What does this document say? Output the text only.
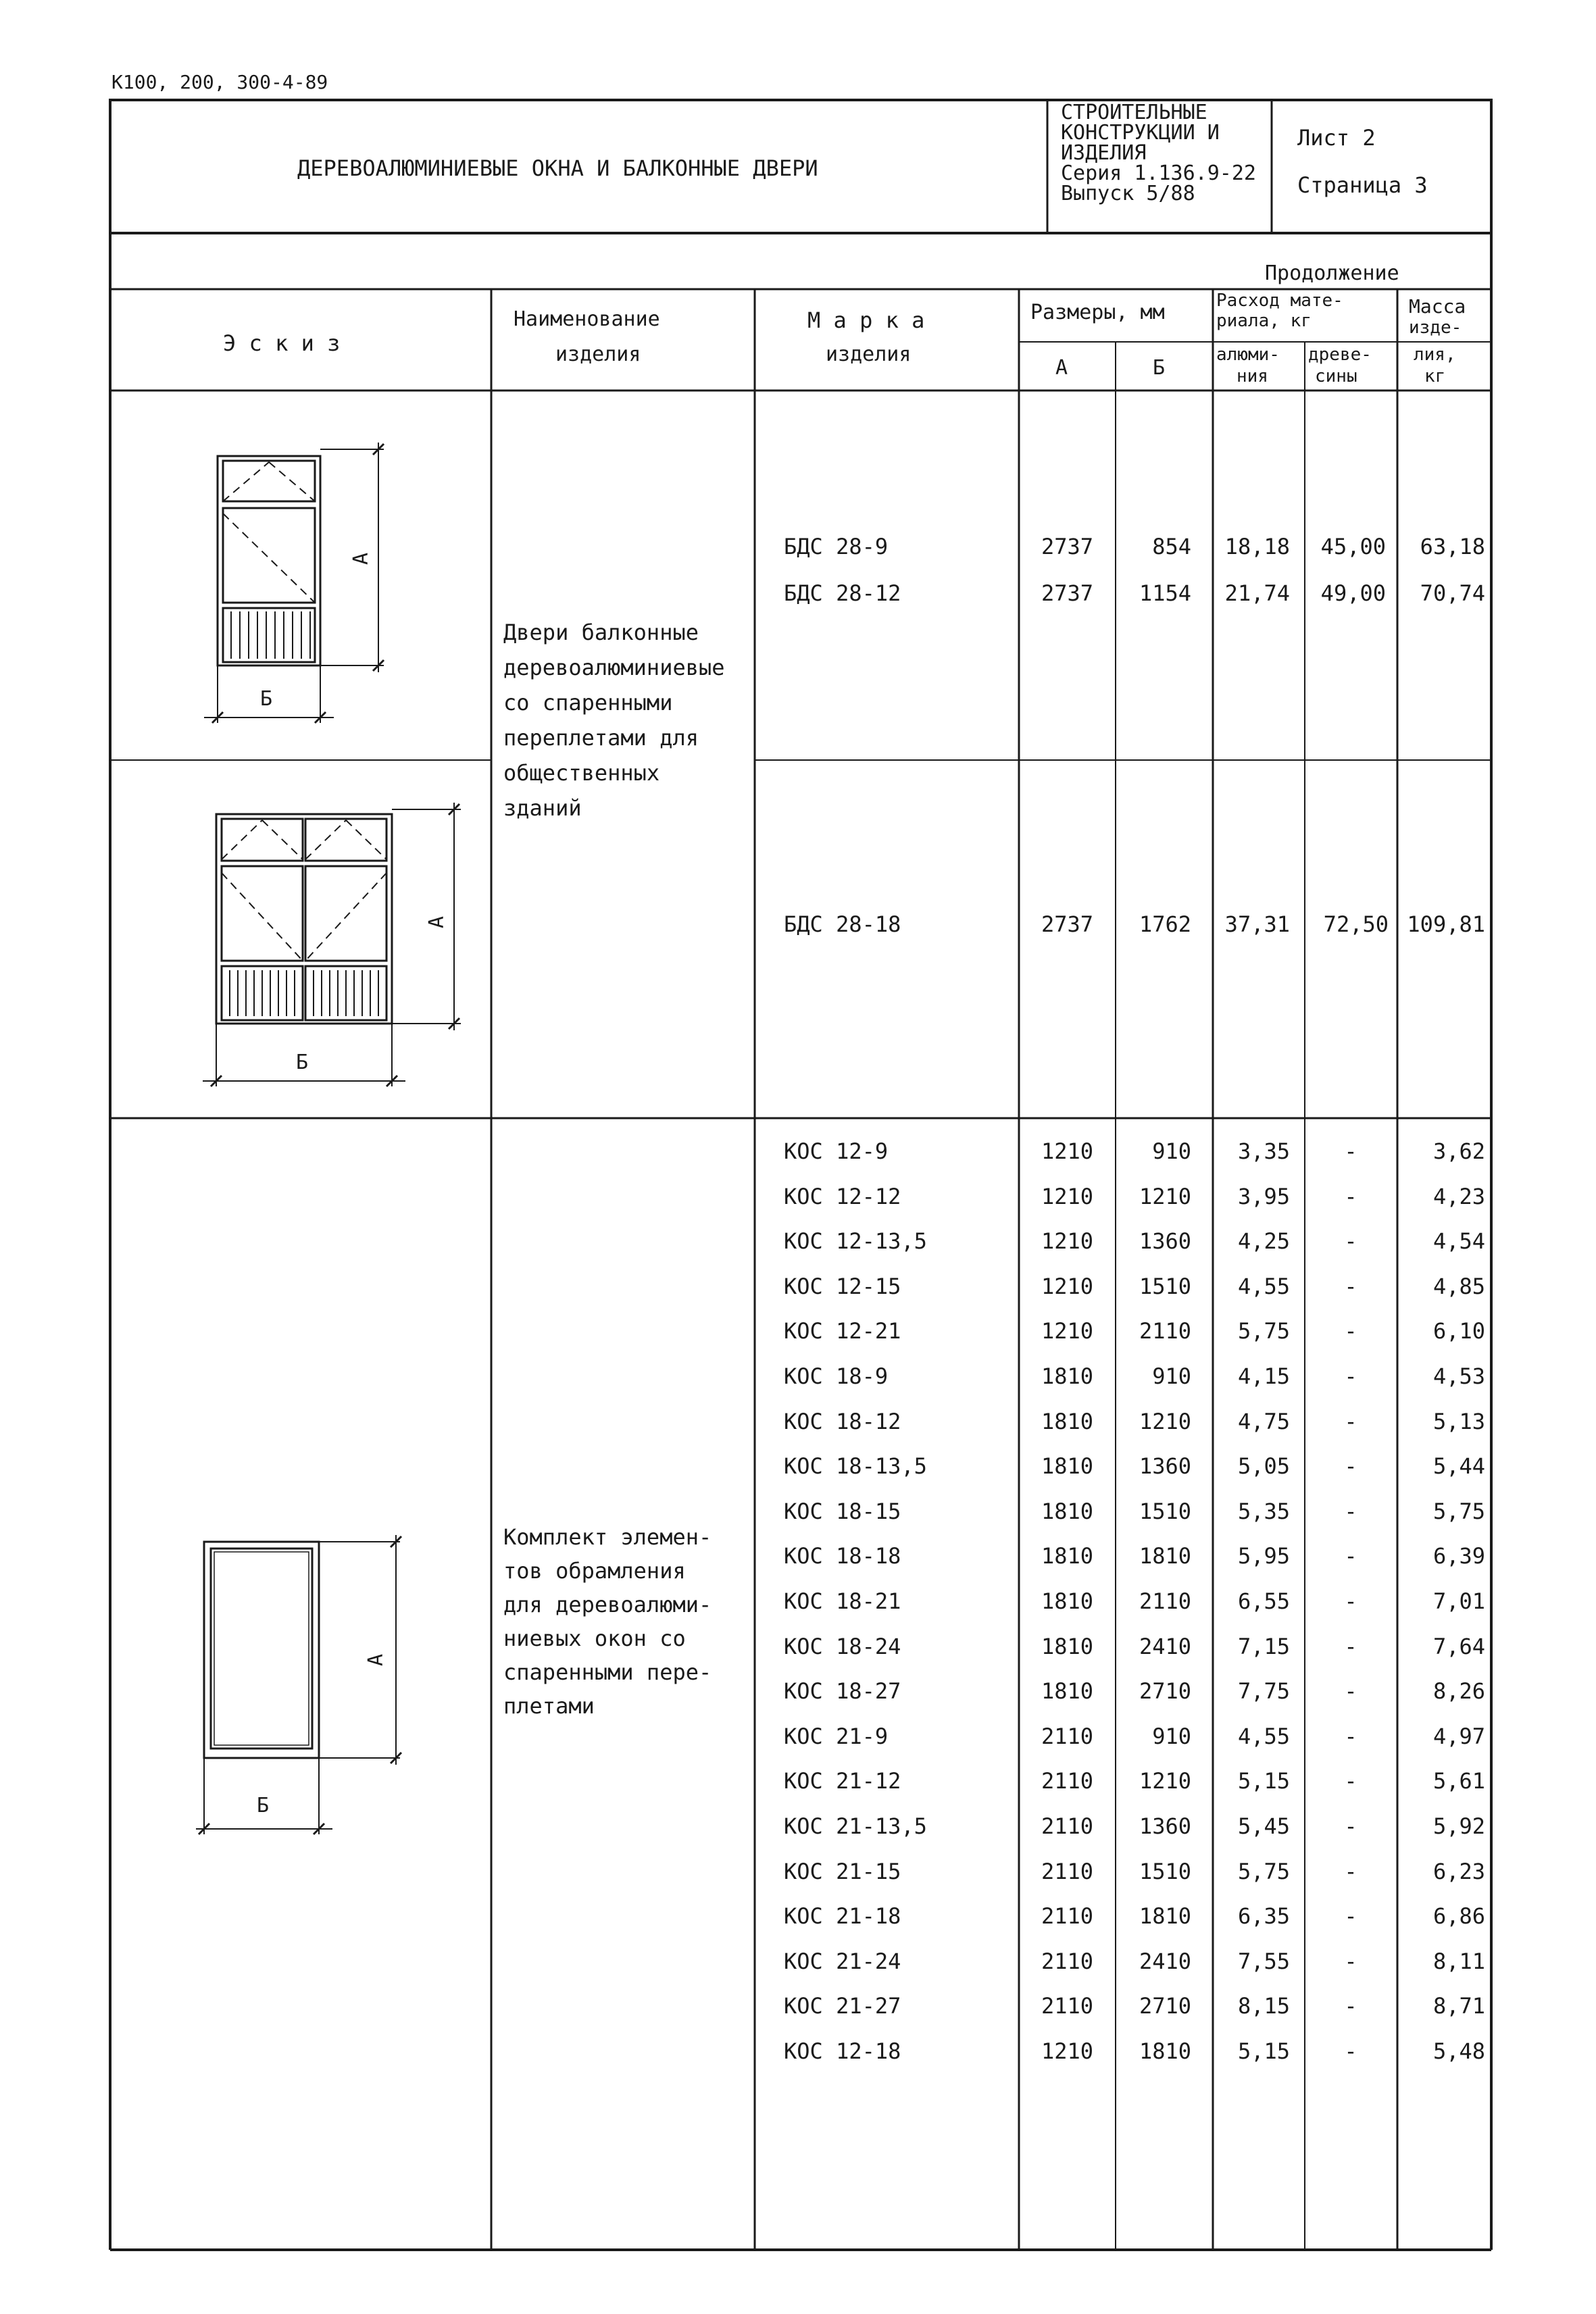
А
Б
А
Б
А
Б
К100, 200, 300-4-89
ДЕРЕВОАЛЮМИНИЕВЫЕ ОКНА И БАЛКОННЫЕ ДВЕРИ
СТРОИТЕЛЬНЫЕ
КОНСТРУКЦИИ И
ИЗДЕЛИЯ
Серия 1.136.9-22
Выпуск 5/88
Лист 2
Страница 3
Продолжение
Э с к и з
Наименование
изделия
М а р к а
изделия
Размеры, мм
А	Б
Расход мате-
риала, кг
алюми-
ния
древе-
сины
Масса
изде-
лия,
кг
Двери балконные
деревоалюминиевые
со спаренными
переплетами для
общественных
зданий
БДС 28-9	2737	854	18,18	45,00	63,18
БДС 28-12	2737	1154	21,74	49,00	70,74
БДС 28-18	2737	1762	37,31	72,50 109,81
Комплект элемен-
тов обрамления
для деревоалюми-
ниевых окон со
спаренными пере-
плетами
КОС 12-9	1210	910	3,35	-	3,62
КОС 12-12	1210	1210	3,95	-	4,23
КОС 12-13,5	1210	1360	4,25	-	4,54
КОС 12-15	1210	1510	4,55	-	4,85
КОС 12-21	1210	2110	5,75	-	6,10
КОС 18-9	1810	910	4,15	-	4,53
КОС 18-12	1810	1210	4,75	-	5,13
КОС 18-13,5	1810	1360	5,05	-	5,44
КОС 18-15	1810	1510	5,35	-	5,75
КОС 18-18	1810	1810	5,95	-	6,39
КОС 18-21	1810	2110	6,55	-	7,01
КОС 18-24	1810	2410	7,15	-	7,64
КОС 18-27	1810	2710	7,75	-	8,26
КОС 21-9	2110	910	4,55	-	4,97
КОС 21-12	2110	1210	5,15	-	5,61
КОС 21-13,5	2110	1360	5,45	-	5,92
КОС 21-15	2110	1510	5,75	-	6,23
КОС 21-18	2110	1810	6,35	-	6,86
КОС 21-24	2110	2410	7,55	-	8,11
КОС 21-27	2110	2710	8,15	-	8,71
КОС 12-18	1210	1810	5,15	-	5,48
